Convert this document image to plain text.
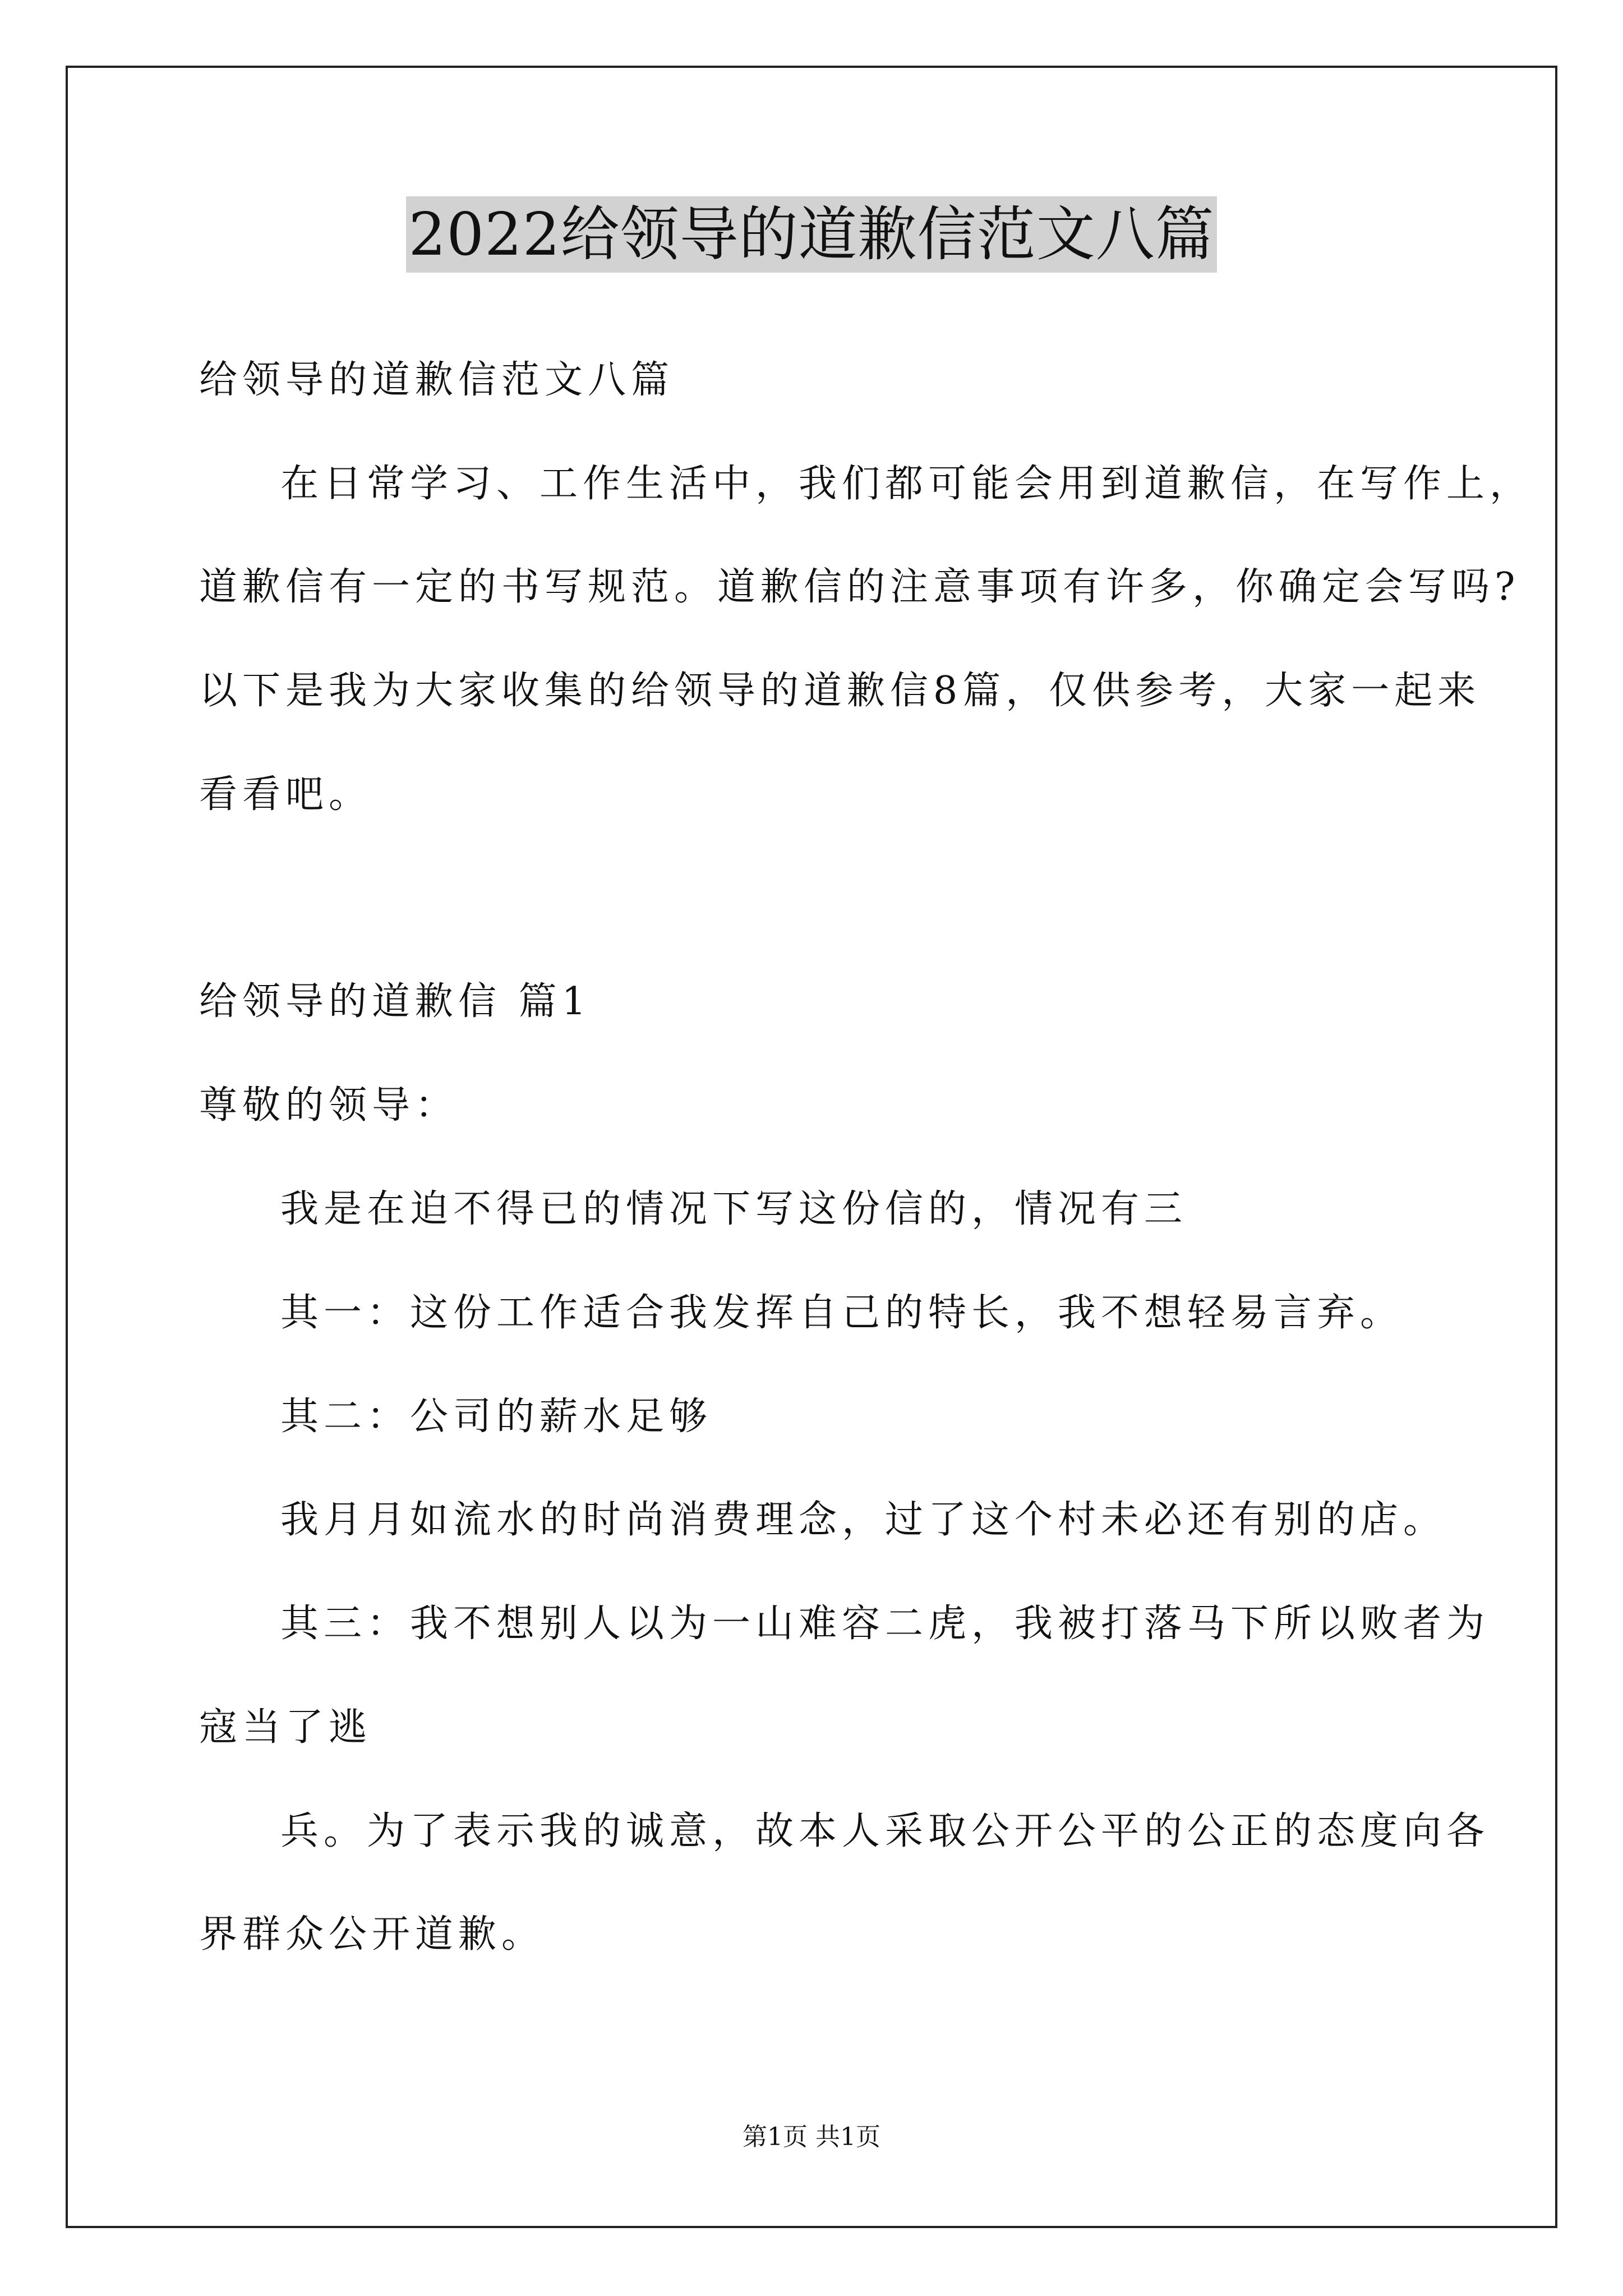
2022给领导的道歉信范文八篇
给领导的道歉信范文八篇
在日常学习、工作生活中，我们都可能会用到道歉信，在写作上，
道歉信有一定的书写规范。道歉信的注意事项有许多，你确定会写吗?
以下是我为大家收集的给领导的道歉信8篇，仅供参考，大家一起来
看看吧。
给领导的道歉信 篇1
尊敬的领导：
我是在迫不得已的情况下写这份信的，情况有三
其一：这份工作适合我发挥自己的特长，我不想轻易言弃。
其二：公司的薪水足够
我月月如流水的时尚消费理念，过了这个村未必还有别的店。
其三：我不想别人以为一山难容二虎，我被打落马下所以败者为
寇当了逃
兵。为了表示我的诚意，故本人采取公开公平的公正的态度向各
界群众公开道歉。
第1页 共1页
